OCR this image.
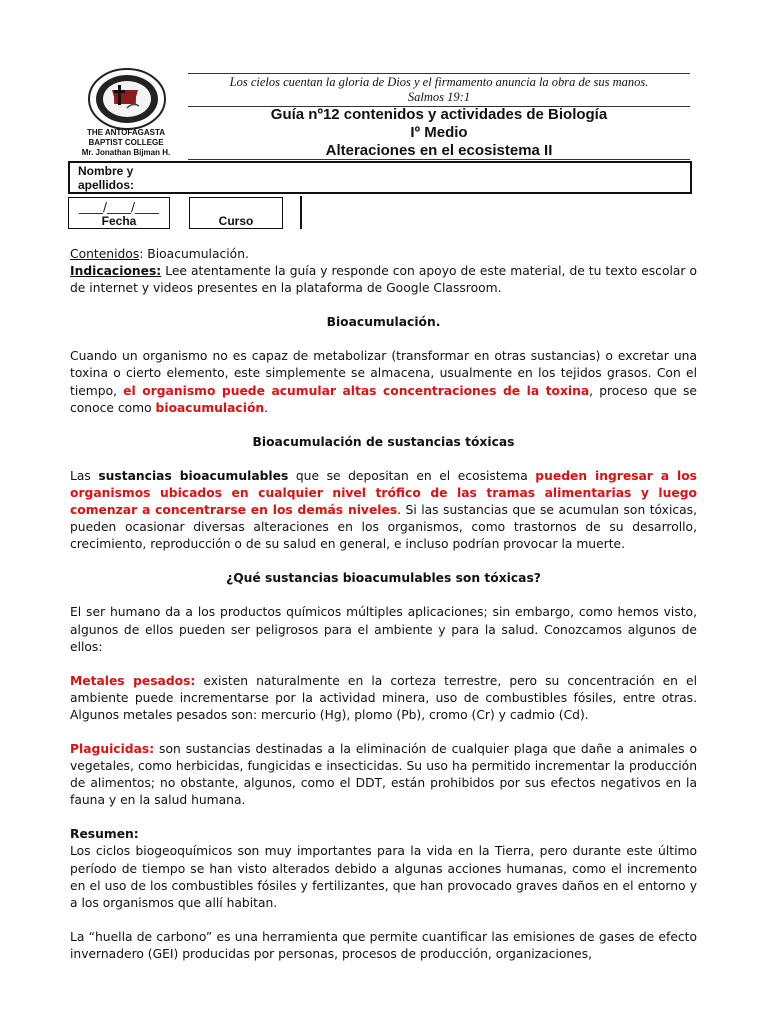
THE ANTOFAGASTA
BAPTIST COLLEGE
Mr. Jonathan Bijman H.
Los cielos cuentan la gloria de Dios y el firmamento anuncia la obra de sus manos.
Salmos 19:1
Guía nº12 contenidos y actividades de Biología
Iº Medio
Alteraciones en el ecosistema II
Nombre y apellidos:
____/____/____
Fecha	Curso

Contenidos: Bioacumulación.

Indicaciones: Lee atentamente la guía y responde con apoyo de este material, de tu texto escolar o de internet y videos presentes en la plataforma de Google Classroom.

Bioacumulación.

Cuando un organismo no es capaz de metabolizar (transformar en otras sustancias) o excretar una toxina o cierto elemento, este simplemente se almacena, usualmente en los tejidos grasos. Con el tiempo, el organismo puede acumular altas concentraciones de la toxina, proceso que se conoce como bioacumulación.

Bioacumulación de sustancias tóxicas

Las sustancias bioacumulables que se depositan en el ecosistema pueden ingresar a los organismos ubicados en cualquier nivel trófico de las tramas alimentarias y luego comenzar a concentrarse en los demás niveles. Si las sustancias que se acumulan son tóxicas, pueden ocasionar diversas alteraciones en los organismos, como trastornos de su desarrollo, crecimiento, reproducción o de su salud en general, e incluso podrían provocar la muerte.

¿Qué sustancias bioacumulables son tóxicas?

El ser humano da a los productos químicos múltiples aplicaciones; sin embargo, como hemos visto, algunos de ellos pueden ser peligrosos para el ambiente y para la salud. Conozcamos algunos de ellos:

Metales pesados: existen naturalmente en la corteza terrestre, pero su concentración en el ambiente puede incrementarse por la actividad minera, uso de combustibles fósiles, entre otras. Algunos metales pesados son: mercurio (Hg), plomo (Pb), cromo (Cr) y cadmio (Cd).

Plaguicidas: son sustancias destinadas a la eliminación de cualquier plaga que dañe a animales o vegetales, como herbicidas, fungicidas e insecticidas. Su uso ha permitido incrementar la producción de alimentos; no obstante, algunos, como el DDT, están prohibidos por sus efectos negativos en la fauna y en la salud humana.

Resumen:

Los ciclos biogeoquímicos son muy importantes para la vida en la Tierra, pero durante este último período de tiempo se han visto alterados debido a algunas acciones humanas, como el incremento en el uso de los combustibles fósiles y fertilizantes, que han provocado graves daños en el entorno y a los organismos que allí habitan.

La “huella de carbono” es una herramienta que permite cuantificar las emisiones de gases de efecto invernadero (GEI) producidas por personas, procesos de producción, organizaciones,
